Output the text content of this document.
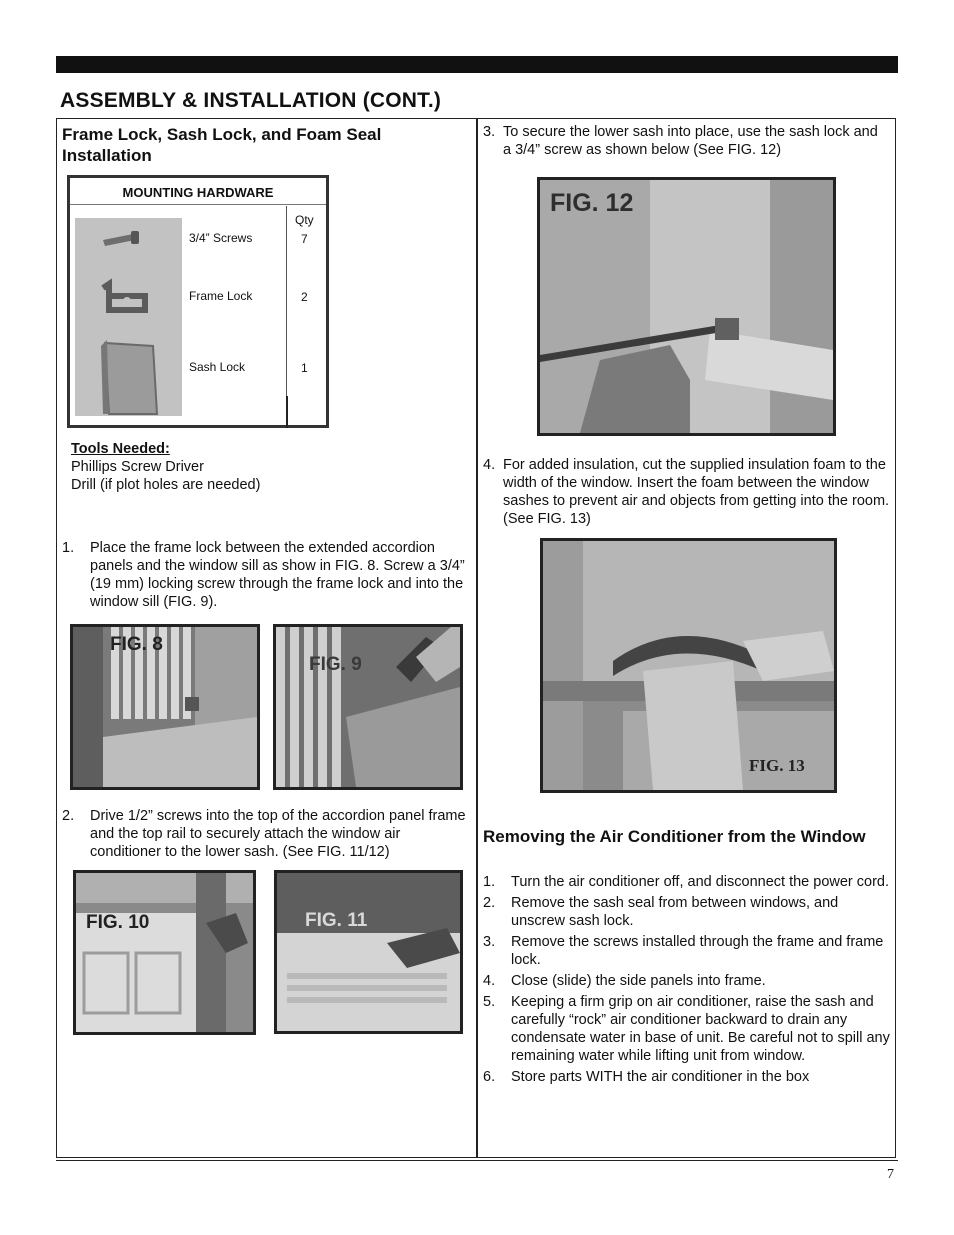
ASSEMBLY & INSTALLATION (CONT.)
Frame Lock, Sash Lock, and Foam Seal Installation
MOUNTING HARDWARE
Qty
3/4” Screws	7
Frame Lock	2
Sash Lock	1
Tools Needed:
Phillips Screw Driver
Drill (if plot holes are needed)
1. Place the frame lock between the extended accordion panels and the window sill as show in FIG. 8. Screw a 3/4” (19 mm) locking screw through the frame lock and into the window sill (FIG. 9).
FIG. 8
FIG. 9
2. Drive 1/2” screws into the top of the accordion panel frame and the top rail to securely attach the window air conditioner to the lower sash. (See FIG. 11/12)
FIG. 10	FIG. 11
3. To secure the lower sash into place, use the sash lock and a 3/4” screw as shown below (See FIG. 12)
FIG. 12
4. For added insulation, cut the supplied insulation foam to the width of the window. Insert the foam between the window sashes to prevent air and objects from getting into the room. (See FIG. 13)
FIG. 13
Removing the Air Conditioner from the Window
1. Turn the air conditioner off, and disconnect the power cord.
2. Remove the sash seal from between windows, and unscrew sash lock.
3. Remove the screws installed through the frame and frame lock.
4. Close (slide) the side panels into frame.
5. Keeping a firm grip on air conditioner, raise the sash and carefully “rock” air conditioner backward to drain any condensate water in base of unit. Be careful not to spill any remaining water while lifting unit from window.
6. Store parts WITH the air conditioner in the box
7
